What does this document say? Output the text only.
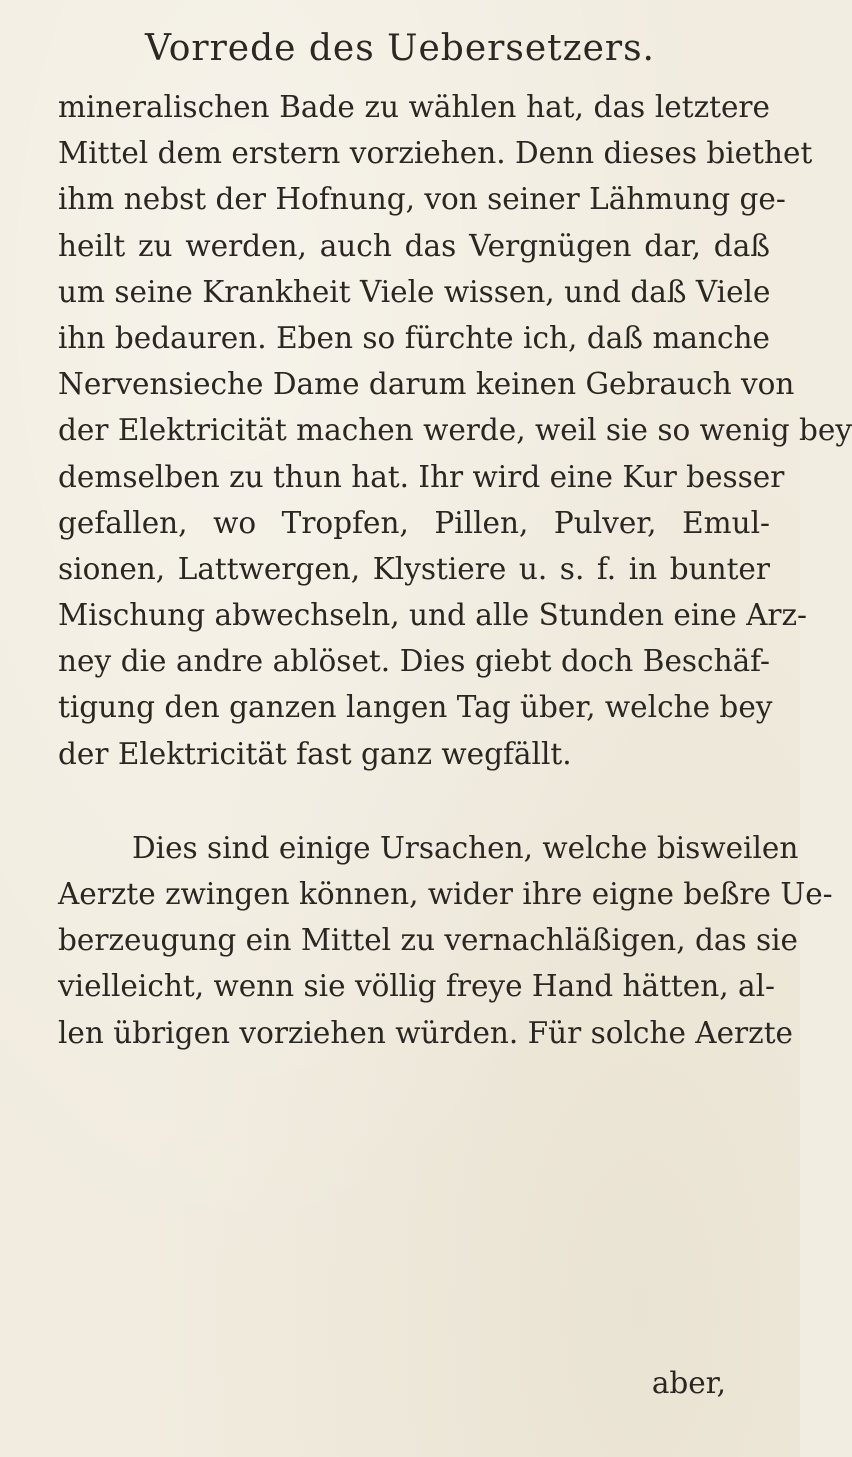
Vorrede des Uebersetzers.
mineralischen Bade zu wählen hat, das letztere
Mittel dem erstern vorziehen. Denn dieses biethet
ihm nebst der Hofnung, von seiner Lähmung ge-
heilt zu werden, auch das Vergnügen dar, daß
um seine Krankheit Viele wissen, und daß Viele
ihn bedauren. Eben so fürchte ich, daß manche
Nervensieche Dame darum keinen Gebrauch von
der Elektricität machen werde, weil sie so wenig bey
demselben zu thun hat. Ihr wird eine Kur besser
gefallen, wo Tropfen, Pillen, Pulver, Emul-
sionen, Lattwergen, Klystiere u. s. f. in bunter
Mischung abwechseln, und alle Stunden eine Arz-
ney die andre ablöset. Dies giebt doch Beschäf-
tigung den ganzen langen Tag über, welche bey
der Elektricität fast ganz wegfällt.
Dies sind einige Ursachen, welche bisweilen
Aerzte zwingen können, wider ihre eigne beßre Ue-
berzeugung ein Mittel zu vernachläßigen, das sie
vielleicht, wenn sie völlig freye Hand hätten, al-
len übrigen vorziehen würden. Für solche Aerzte
aber,
